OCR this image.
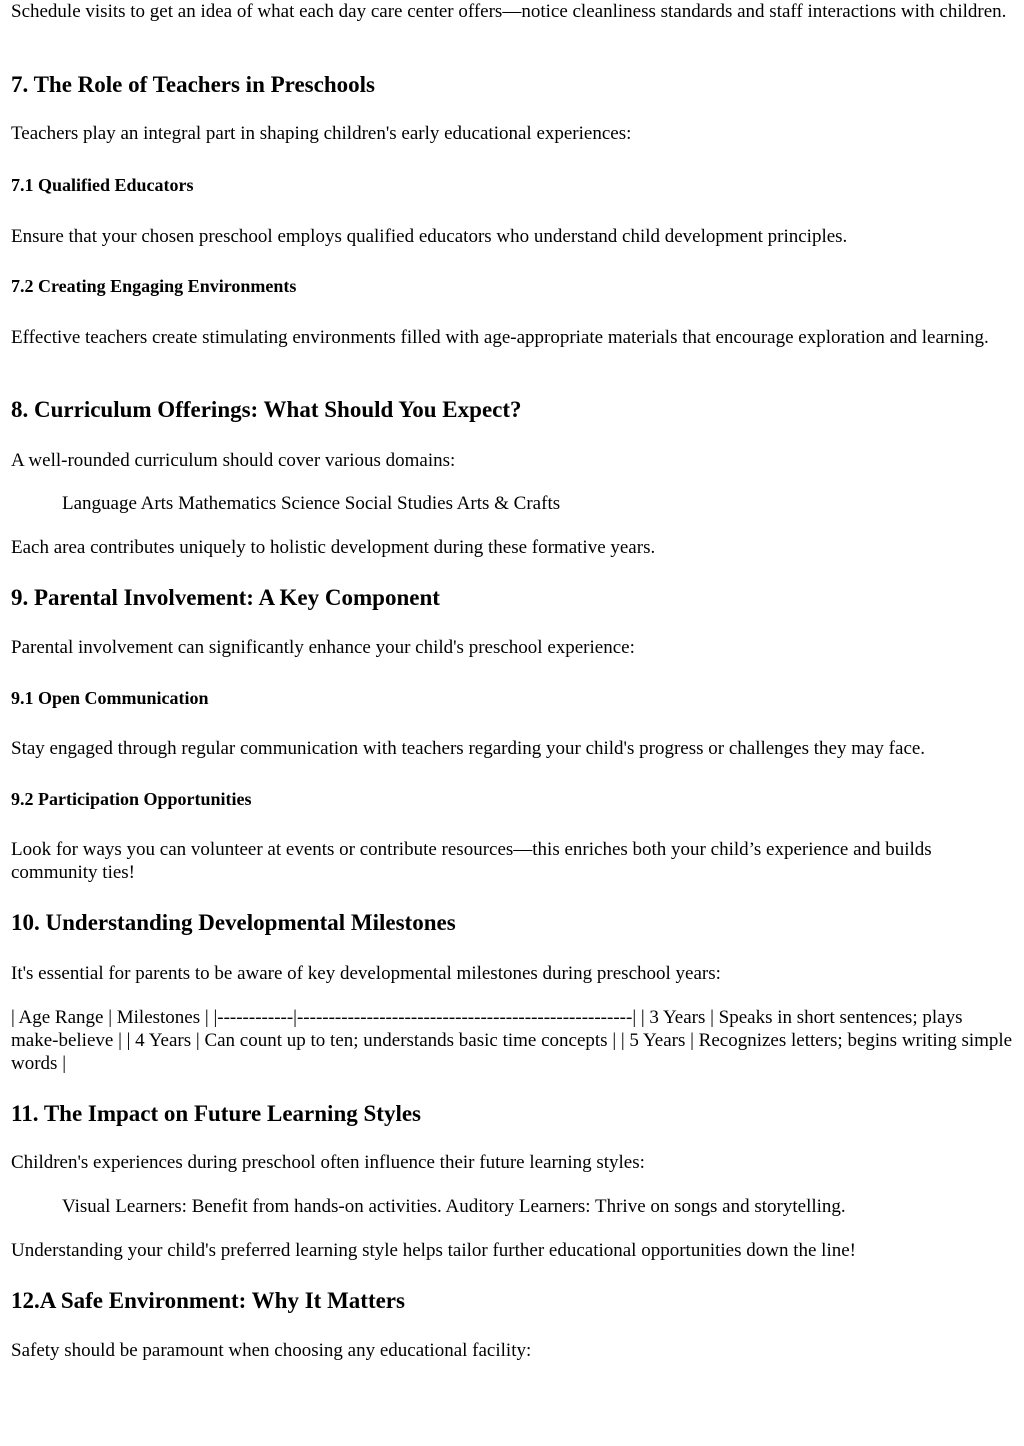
Schedule visits to get an idea of what each day care center offers—notice cleanliness standards and staff interactions with children.

7. The Role of Teachers in Preschools

Teachers play an integral part in shaping children's early educational experiences:

7.1 Qualified Educators

Ensure that your chosen preschool employs qualified educators who understand child development principles.

7.2 Creating Engaging Environments

Effective teachers create stimulating environments filled with age-appropriate materials that encourage exploration and learning.

8. Curriculum Offerings: What Should You Expect?

A well-rounded curriculum should cover various domains:

Language Arts Mathematics Science Social Studies Arts & Crafts

Each area contributes uniquely to holistic development during these formative years.

9. Parental Involvement: A Key Component

Parental involvement can significantly enhance your child's preschool experience:

9.1 Open Communication

Stay engaged through regular communication with teachers regarding your child's progress or challenges they may face.

9.2 Participation Opportunities

Look for ways you can volunteer at events or contribute resources—this enriches both your child’s experience and builds community ties!

10. Understanding Developmental Milestones

It's essential for parents to be aware of key developmental milestones during preschool years:

| Age Range | Milestones | |------------|-----------------------------------------------------| | 3 Years | Speaks in short sentences; plays make-believe | | 4 Years | Can count up to ten; understands basic time concepts | | 5 Years | Recognizes letters; begins writing simple words |

11. The Impact on Future Learning Styles

Children's experiences during preschool often influence their future learning styles:

Visual Learners: Benefit from hands-on activities. Auditory Learners: Thrive on songs and storytelling.

Understanding your child's preferred learning style helps tailor further educational opportunities down the line!

12.A Safe Environment: Why It Matters

Safety should be paramount when choosing any educational facility:
